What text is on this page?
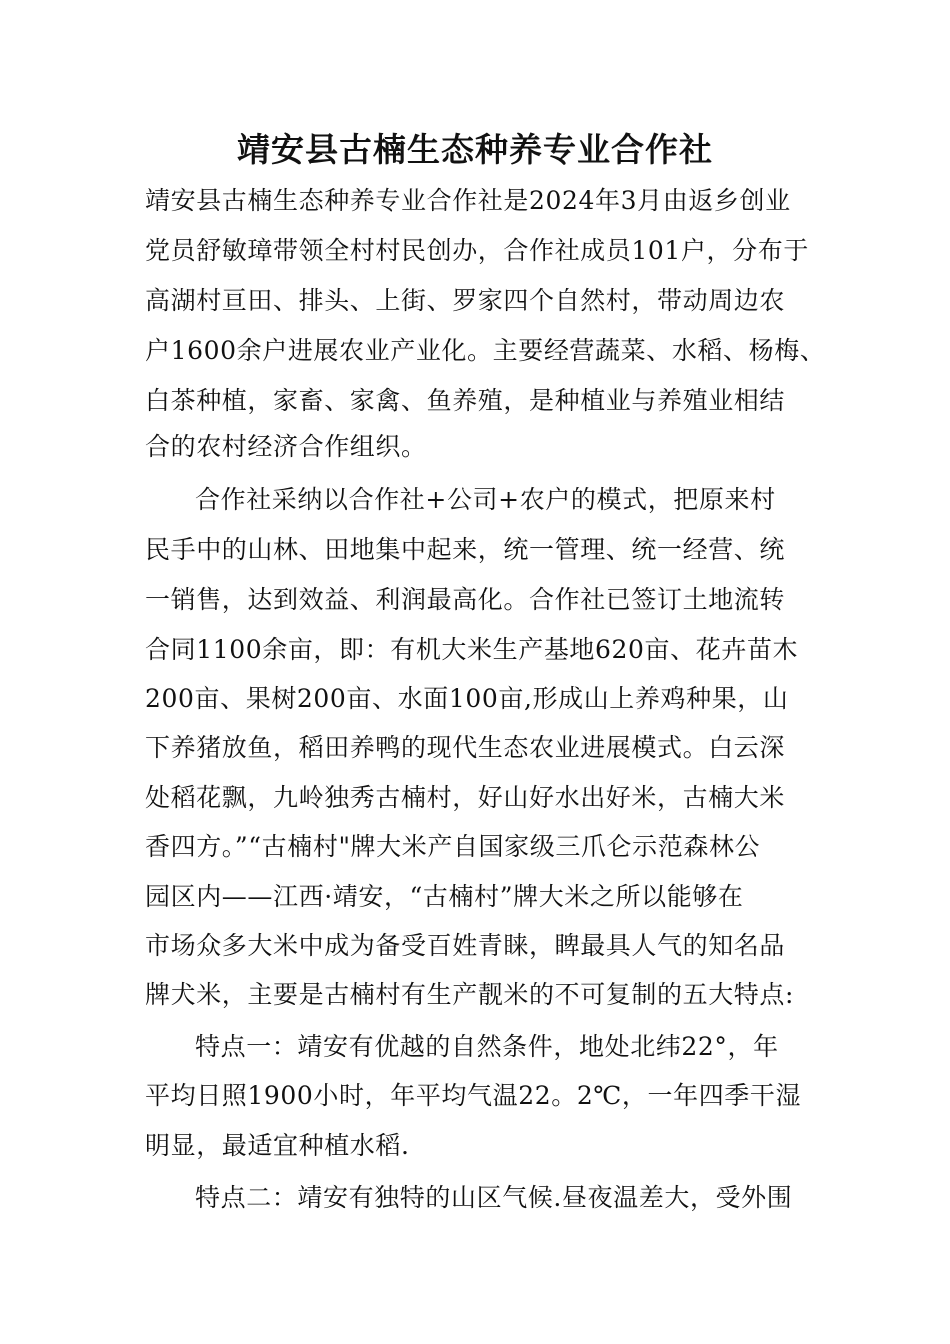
靖安县古楠生态种养专业合作社
靖安县古楠生态种养专业合作社是2024年3月由返乡创业
党员舒敏璋带领全村村民创办，合作社成员101户，分布于
高湖村亘田、排头、上街、罗家四个自然村，带动周边农
户1600余户进展农业产业化。主要经营蔬菜、水稻、杨梅、
白茶种植，家畜、家禽、鱼养殖，是种植业与养殖业相结
合的农村经济合作组织。
合作社采纳以合作社+公司+农户的模式，把原来村
民手中的山林、田地集中起来，统一管理、统一经营、统
一销售，达到效益、利润最高化。合作社已签订土地流转
合同1100余亩，即：有机大米生产基地620亩、花卉苗木
200亩、果树200亩、水面100亩,形成山上养鸡种果，山
下养猪放鱼，稻田养鸭的现代生态农业进展模式。白云深
处稻花飘，九岭独秀古楠村，好山好水出好米，古楠大米
香四方。”“古楠村"牌大米产自国家级三爪仑示范森林公
园区内——江西·靖安，“古楠村”牌大米之所以能够在
市场众多大米中成为备受百姓青睐，睥最具人气的知名品
牌犬米，主要是古楠村有生产靓米的不可复制的五大特点:
特点一：靖安有优越的自然条件，地处北纬22°，年
平均日照1900小时，年平均气温22。2℃，一年四季干湿
明显，最适宜种植水稻.
特点二：靖安有独特的山区气候.昼夜温差大，受外围
